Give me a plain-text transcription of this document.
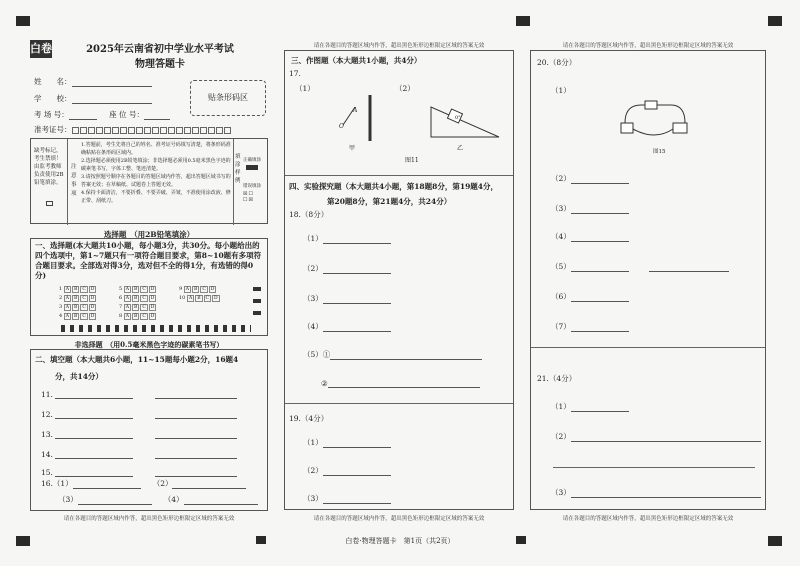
白卷	2025年云南省初中学业水平考试
物理答题卡
姓　　名：
学　　校：
考 场 号：	座 位 号：
准考证号：
贴条形码区
缺考标记，考生禁填！由监考教师负责使用2B铅笔填涂。
注意事项
1.答题前，考生先将自己的姓名、准考证号码填写清楚，将条形码准确粘贴在条形码区域内。
2.选择题必须使用2B铅笔填涂；非选择题必须用0.5毫米黑色字迹的碳素笔书写，字体工整、笔迹清楚。
3.请按照题号顺序在各题目的答题区域内作答，超出答题区域书写的答案无效；在草稿纸、试题卷上答题无效。
4.保持卡面清洁，不要折叠、不要弄破、弄皱，不准使用涂改液、修正带、刮纸刀。
填涂样例
正确填涂
错误填涂
☒☐
☐☒
选择题　（用2B铅笔填涂）
一、选择题(本大题共10小题，每小题3分，共30分。每小题给出的四个选项中，第1~7题只有一项符合题目要求，第8~10题有多项符合题目要求。全部选对得3分，选对但不全的得1分，有选错的得0分)
1 A B C D
2 A B C D
3 A B C D
4 A B C D
5 A B C D
6 A B C D
7 A B C D
8 A B C D
9 A B C D
10 A B C D
非选择题　（用0.5毫米黑色字迹的碳素笔书写）
二、填空题（本大题共6小题，11~15题每小题2分，16题4
分，共14分）
11.
12.
13.
14.
15.
16.（1）	（2）
（3）	（4）
请在各题目的答题区域内作答，超出黑色矩形边框限定区域的答案无效
请在各题目的答题区域内作答，超出黑色矩形边框限定区域的答案无效
三、作图题（本大题共1小题，共4分）
17.
（1）	（2）
A
O
甲
0°
乙
图11
四、实验探究题（本大题共4小题，第18题8分，第19题4分，
第20题8分，第21题4分，共24分）
18.（8分）
（1）
（2）
（3）
（4）
（5）①
②
19.（4分）
（1）
（2）
（3）
请在各题目的答题区域内作答，超出黑色矩形边框限定区域的答案无效
请在各题目的答题区域内作答，超出黑色矩形边框限定区域的答案无效
20.（8分）
（1）
图15
（2）
（3）
（4）
（5）
（6）
（7）
21.（4分）
（1）
（2）
（3）
请在各题目的答题区域内作答，超出黑色矩形边框限定区域的答案无效
白卷·物理答题卡　第1页（共2页）
